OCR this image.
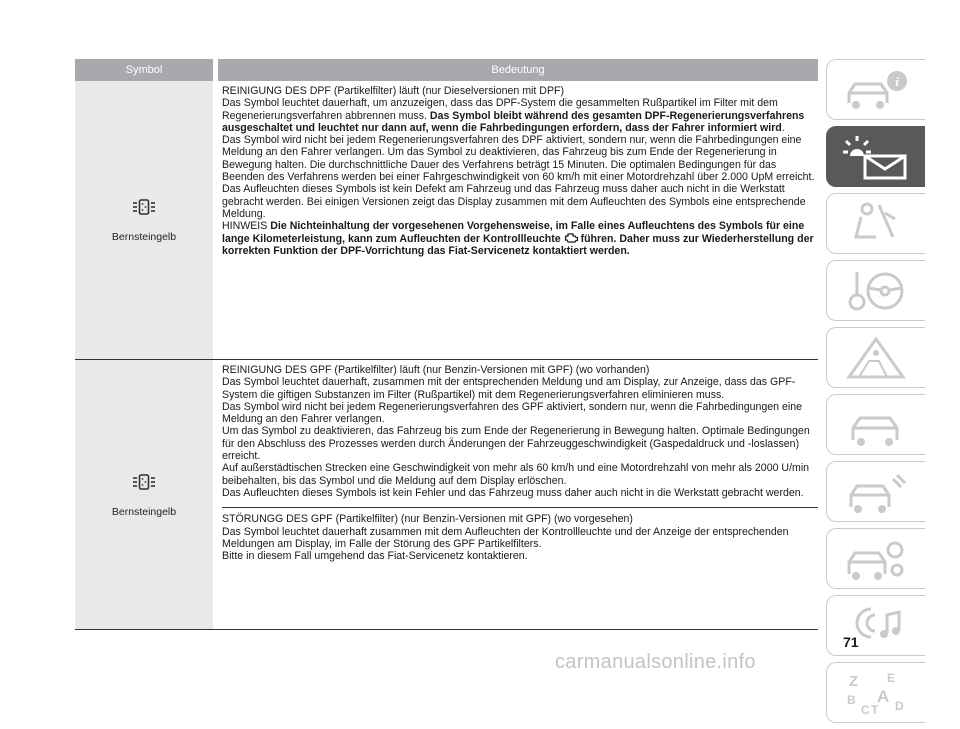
Symbol	Bedeutung
Bernsteingelb
REINIGUNG DES DPF (Partikelfilter) läuft (nur Dieselversionen mit DPF)
Das Symbol leuchtet dauerhaft, um anzuzeigen, dass das DPF-System die gesammelten Rußpartikel im Filter mit dem Regenerierungsverfahren abbrennen muss. Das Symbol bleibt während des gesamten DPF-Regenerierungsverfahrens ausgeschaltet und leuchtet nur dann auf, wenn die Fahrbedingungen erfordern, dass der Fahrer informiert wird.
Das Symbol wird nicht bei jedem Regenerierungsverfahren des DPF aktiviert, sondern nur, wenn die Fahrbedingungen eine Meldung an den Fahrer verlangen. Um das Symbol zu deaktivieren, das Fahrzeug bis zum Ende der Regenerierung in Bewegung halten. Die durchschnittliche Dauer des Verfahrens beträgt 15 Minuten. Die optimalen Bedingungen für das Beenden des Verfahrens werden bei einer Fahrgeschwindigkeit von 60 km/h mit einer Motordrehzahl über 2.000 UpM erreicht.
Das Aufleuchten dieses Symbols ist kein Defekt am Fahrzeug und das Fahrzeug muss daher auch nicht in die Werkstatt gebracht werden. Bei einigen Versionen zeigt das Display zusammen mit dem Aufleuchten des Symbols eine entsprechende Meldung.
HINWEIS Die Nichteinhaltung der vorgesehenen Vorgehensweise, im Falle eines Aufleuchtens des Symbols für eine lange Kilometerleistung, kann zum Aufleuchten der Kontrollleuchte führen. Daher muss zur Wiederherstellung der korrekten Funktion der DPF-Vorrichtung das Fiat-Servicenetz kontaktiert werden.
Bernsteingelb
REINIGUNG DES GPF (Partikelfilter) läuft (nur Benzin-Versionen mit GPF) (wo vorhanden)
Das Symbol leuchtet dauerhaft, zusammen mit der entsprechenden Meldung und am Display, zur Anzeige, dass das GPF-System die giftigen Substanzen im Filter (Rußpartikel) mit dem Regenerierungsverfahren eliminieren muss.
Das Symbol wird nicht bei jedem Regenerierungsverfahren des GPF aktiviert, sondern nur, wenn die Fahrbedingungen eine Meldung an den Fahrer verlangen.
Um das Symbol zu deaktivieren, das Fahrzeug bis zum Ende der Regenerierung in Bewegung halten. Optimale Bedingungen für den Abschluss des Prozesses werden durch Änderungen der Fahrzeuggeschwindigkeit (Gaspedaldruck und -loslassen) erreicht.
Auf außerstädtischen Strecken eine Geschwindigkeit von mehr als 60 km/h und eine Motordrehzahl von mehr als 2000 U/min beibehalten, bis das Symbol und die Meldung auf dem Display erlöschen.
Das Aufleuchten dieses Symbols ist kein Fehler und das Fahrzeug muss daher auch nicht in die Werkstatt gebracht werden.
STÖRUNGG DES GPF (Partikelfilter) (nur Benzin-Versionen mit GPF) (wo vorgesehen)
Das Symbol leuchtet dauerhaft zusammen mit dem Aufleuchten der Kontrollleuchte und der Anzeige der entsprechenden Meldungen am Display, im Falle der Störung des GPF Partikelfilters.
Bitte in diesem Fall umgehend das Fiat-Servicenetz kontaktieren.
i
Z E
B A
C T D
71
carmanualsonline.info
